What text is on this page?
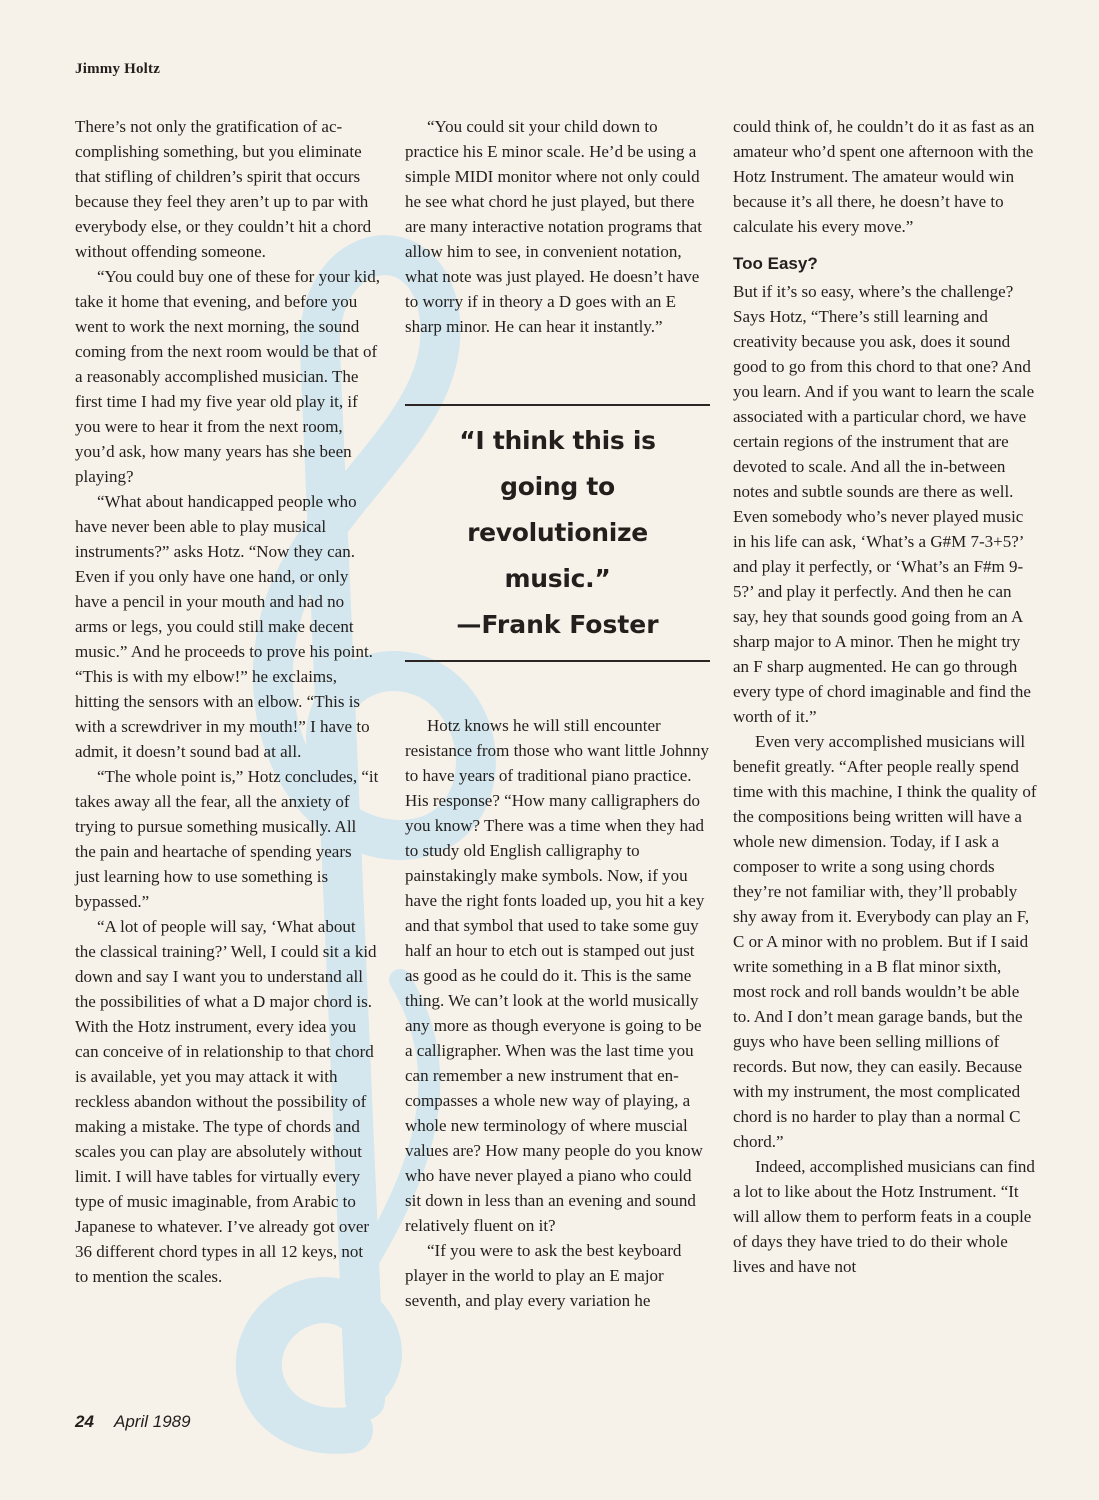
Jimmy Holtz

There’s not only the gratification of accomplishing something, but you eliminate that stifling of children’s spirit that occurs because they feel they aren’t up to par with everybody else, or they couldn’t hit a chord without offending someone.

“You could buy one of these for your kid, take it home that evening, and before you went to work the next morning, the sound coming from the next room would be that of a reasonably accomplished musician. The first time I had my five year old play it, if you were to hear it from the next room, you’d ask, how many years has she been playing?

“What about handicapped people who have never been able to play musical instruments?” asks Hotz. “Now they can. Even if you only have one hand, or only have a pencil in your mouth and had no arms or legs, you could still make decent music.” And he proceeds to prove his point. “This is with my elbow!” he exclaims, hitting the sensors with an elbow. “This is with a screwdriver in my mouth!” I have to admit, it doesn’t sound bad at all.

“The whole point is,” Hotz concludes, “it takes away all the fear, all the anxiety of trying to pursue something musically. All the pain and heartache of spending years just learning how to use something is bypassed.”

“A lot of people will say, ‘What about the classical training?’ Well, I could sit a kid down and say I want you to understand all the possibilities of what a D major chord is. With the Hotz instrument, every idea you can conceive of in relationship to that chord is available, yet you may attack it with reckless abandon without the possibility of making a mistake. The type of chords and scales you can play are absolutely without limit. I will have tables for virtually every type of music imaginable, from Arabic to Japanese to whatever. I’ve already got over 36 different chord types in all 12 keys, not to mention the scales.

“You could sit your child down to practice his E minor scale. He’d be using a simple MIDI monitor where not only could he see what chord he just played, but there are many interactive notation programs that allow him to see, in convenient notation, what note was just played. He doesn’t have to worry if in theory a D goes with an E sharp minor. He can hear it instantly.”

“I think this is going to revolutionize music.”

—Frank Foster

Hotz knows he will still encounter resistance from those who want little Johnny to have years of traditional piano practice. His response? “How many calligraphers do you know? There was a time when they had to study old English calligraphy to painstakingly make symbols. Now, if you have the right fonts loaded up, you hit a key and that symbol that used to take some guy half an hour to etch out is stamped out just as good as he could do it. This is the same thing. We can’t look at the world musically any more as though everyone is going to be a calligrapher. When was the last time you can remember a new instrument that encompasses a whole new way of playing, a whole new terminology of where muscial values are? How many people do you know who have never played a piano who could sit down in less than an evening and sound relatively fluent on it?

“If you were to ask the best keyboard player in the world to play an E major seventh, and play every variation he

could think of, he couldn’t do it as fast as an amateur who’d spent one afternoon with the Hotz Instrument. The amateur would win because it’s all there, he doesn’t have to calculate his every move.”

Too Easy?

But if it’s so easy, where’s the challenge? Says Hotz, “There’s still learning and creativity because you ask, does it sound good to go from this chord to that one? And you learn. And if you want to learn the scale associated with a particular chord, we have certain regions of the instrument that are devoted to scale. And all the in-between notes and subtle sounds are there as well. Even somebody who’s never played music in his life can ask, ‘What’s a G#M 7-3+5?’ and play it perfectly, or ‘What’s an F#m 9-5?’ and play it perfectly. And then he can say, hey that sounds good going from an A sharp major to A minor. Then he might try an F sharp augmented. He can go through every type of chord imaginable and find the worth of it.”

Even very accomplished musicians will benefit greatly. “After people really spend time with this machine, I think the quality of the compositions being written will have a whole new dimension. Today, if I ask a composer to write a song using chords they’re not familiar with, they’ll probably shy away from it. Everybody can play an F, C or A minor with no problem. But if I said write something in a B flat minor sixth, most rock and roll bands wouldn’t be able to. And I don’t mean garage bands, but the guys who have been selling millions of records. But now, they can easily. Because with my instrument, the most complicated chord is no harder to play than a normal C chord.”

Indeed, accomplished musicians can find a lot to like about the Hotz Instrument. “It will allow them to perform feats in a couple of days they have tried to do their whole lives and have not

24 April 1989
